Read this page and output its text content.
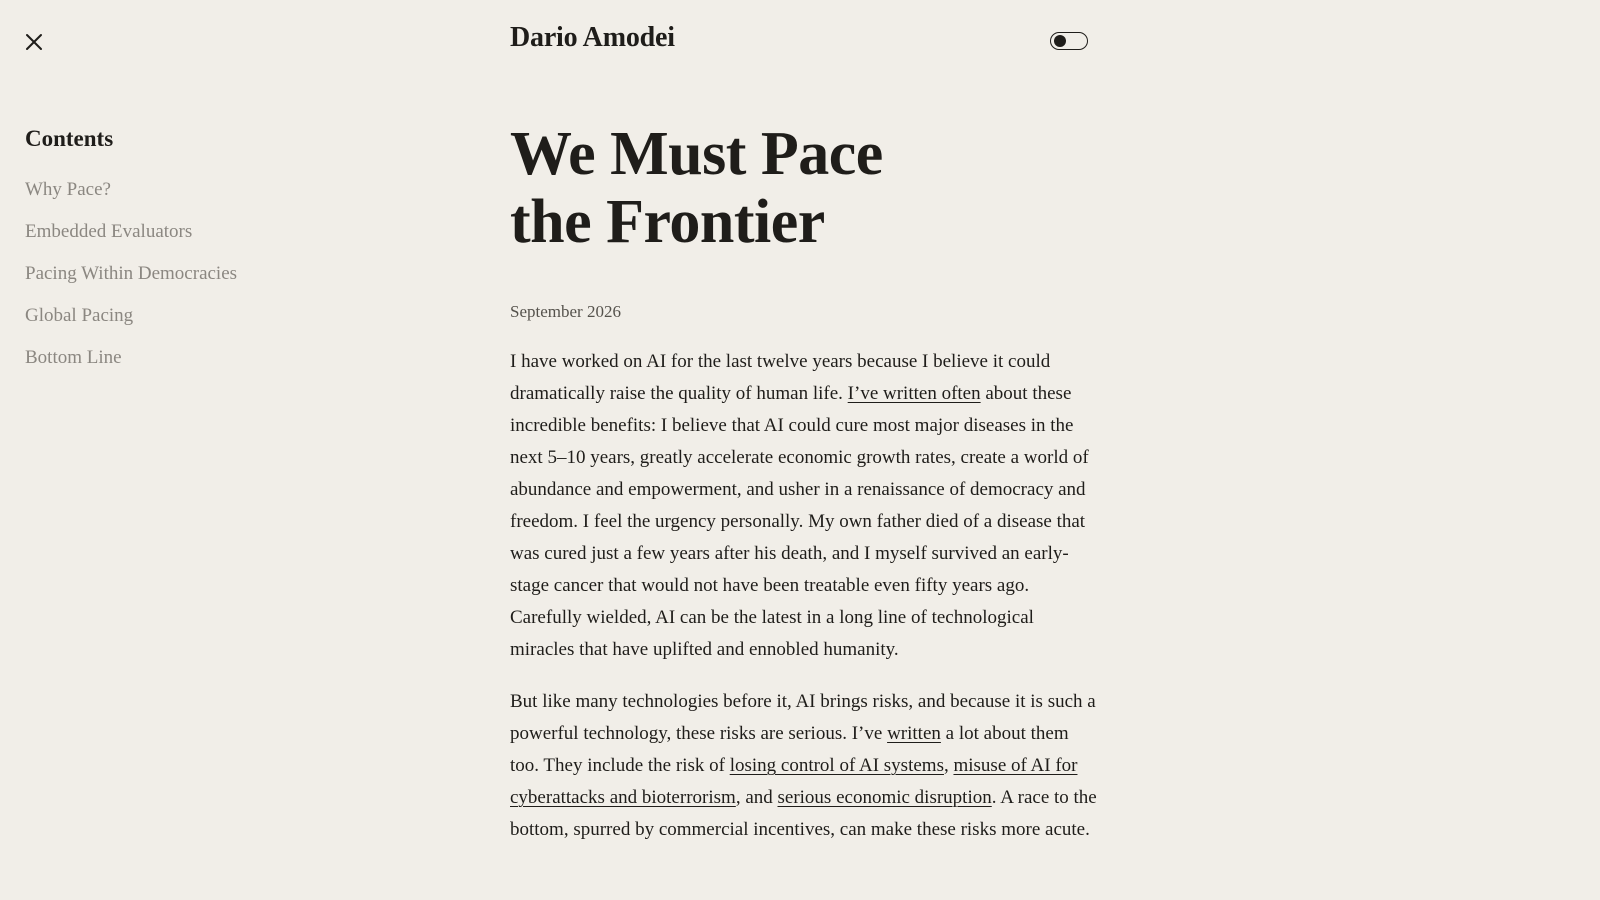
Dario Amodei
Contents
Why Pace?
Embedded Evaluators
Pacing Within Democracies
Global Pacing
Bottom Line
We Must Pace
the Frontier
September 2026

I have worked on AI for the last twelve years because I believe it could dramatically raise the quality of human life. I’ve written often about these incredible benefits: I believe that AI could cure most major diseases in the next 5–10 years, greatly accelerate economic growth rates, create a world of abundance and empowerment, and usher in a renaissance of democracy and freedom. I feel the urgency personally. My own father died of a disease that was cured just a few years after his death, and I myself survived an early-stage cancer that would not have been treatable even fifty years ago. Carefully wielded, AI can be the latest in a long line of technological miracles that have uplifted and ennobled humanity.

But like many technologies before it, AI brings risks, and because it is such a powerful technology, these risks are serious. I’ve written a lot about them too. They include the risk of losing control of AI systems, misuse of AI for cyberattacks and bioterrorism, and serious economic disruption. A race to the bottom, spurred by commercial incentives, can make these risks more acute.
